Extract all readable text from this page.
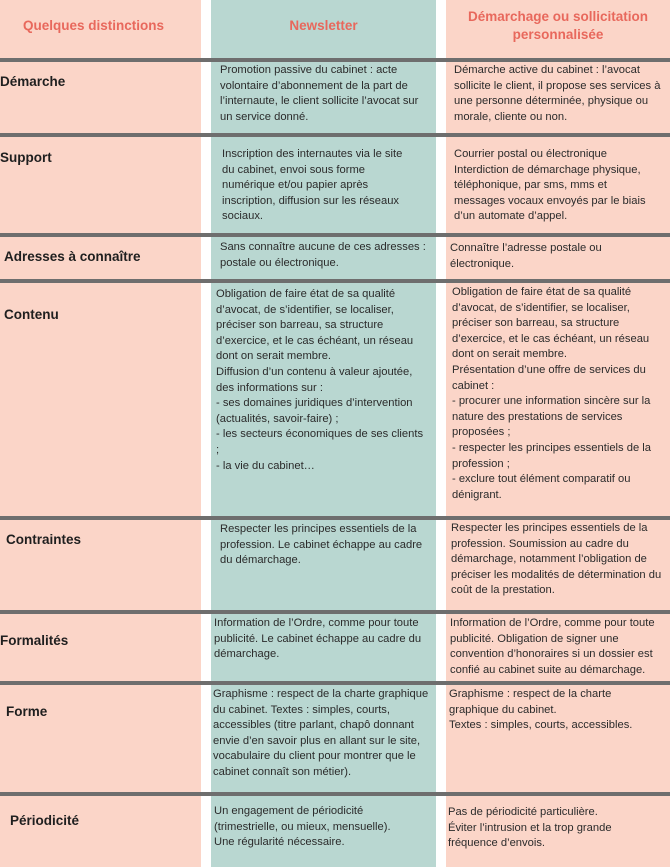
Quelques distinctions	Newsletter
Démarchage ou sollicitation personnalisée
Démarche

Promotion passive du cabinet : acte volontaire d’abonnement de la part de l’internaute, le client sollicite l’avocat sur un service donné.

Démarche active du cabinet : l’avocat sollicite le client, il propose ses services à une personne déterminée, physique ou morale, cliente ou non.

Support	Inscription des internautes via le site du cabinet, envoi sous forme numérique et/ou papier après inscription, diffusion sur les réseaux sociaux.

Courrier postal ou électronique

Interdiction de démarchage physique, téléphonique, par sms, mms et

messages vocaux envoyés par le biais d’un automate d’appel.

Adresses à connaître

Sans connaître aucune de ces adresses : postale ou électronique.

Connaître l’adresse postale ou électronique.

Contenu

Obligation de faire état de sa qualité d’avocat, de s’identifier, se localiser, préciser son barreau, sa structure d’exercice, et le cas échéant, un réseau dont on serait membre.

Diffusion d’un contenu à valeur ajoutée, des informations sur :

- ses domaines juridiques d’intervention (actualités, savoir-faire) ;

- les secteurs économiques de ses clients ;

- la vie du cabinet…

Obligation de faire état de sa qualité d’avocat, de s’identifier, se localiser, préciser son barreau, sa structure d’exercice, et le cas échéant, un réseau dont on serait membre.

Présentation d’une offre de services du cabinet :

- procurer une information sincère sur la nature des prestations de services proposées ;

- respecter les principes essentiels de la profession ;

- exclure tout élément comparatif ou dénigrant.

Contraintes

Respecter les principes essentiels de la profession. Le cabinet échappe au cadre du démarchage.

Respecter les principes essentiels de la profession. Soumission au cadre du démarchage, notamment l’obligation de préciser les modalités de détermination du coût de la prestation.

Formalités

Information de l’Ordre, comme pour toute publicité. Le cabinet échappe au cadre du démarchage.

Information de l’Ordre, comme pour toute publicité. Obligation de signer une convention d’honoraires si un dossier est confié au cabinet suite au démarchage.

Forme

Graphisme : respect de la charte graphique du cabinet. Textes : simples, courts, accessibles (titre parlant, chapô donnant envie d’en savoir plus en allant sur le site, vocabulaire du client pour montrer que le cabinet connaît son métier).

Graphisme : respect de la charte graphique du cabinet.

Textes : simples, courts, accessibles.

Périodicité

Un engagement de périodicité (trimestrielle, ou mieux, mensuelle).

Une régularité nécessaire.

Pas de périodicité particulière.

Éviter l’intrusion et la trop grande fréquence d’envois.
